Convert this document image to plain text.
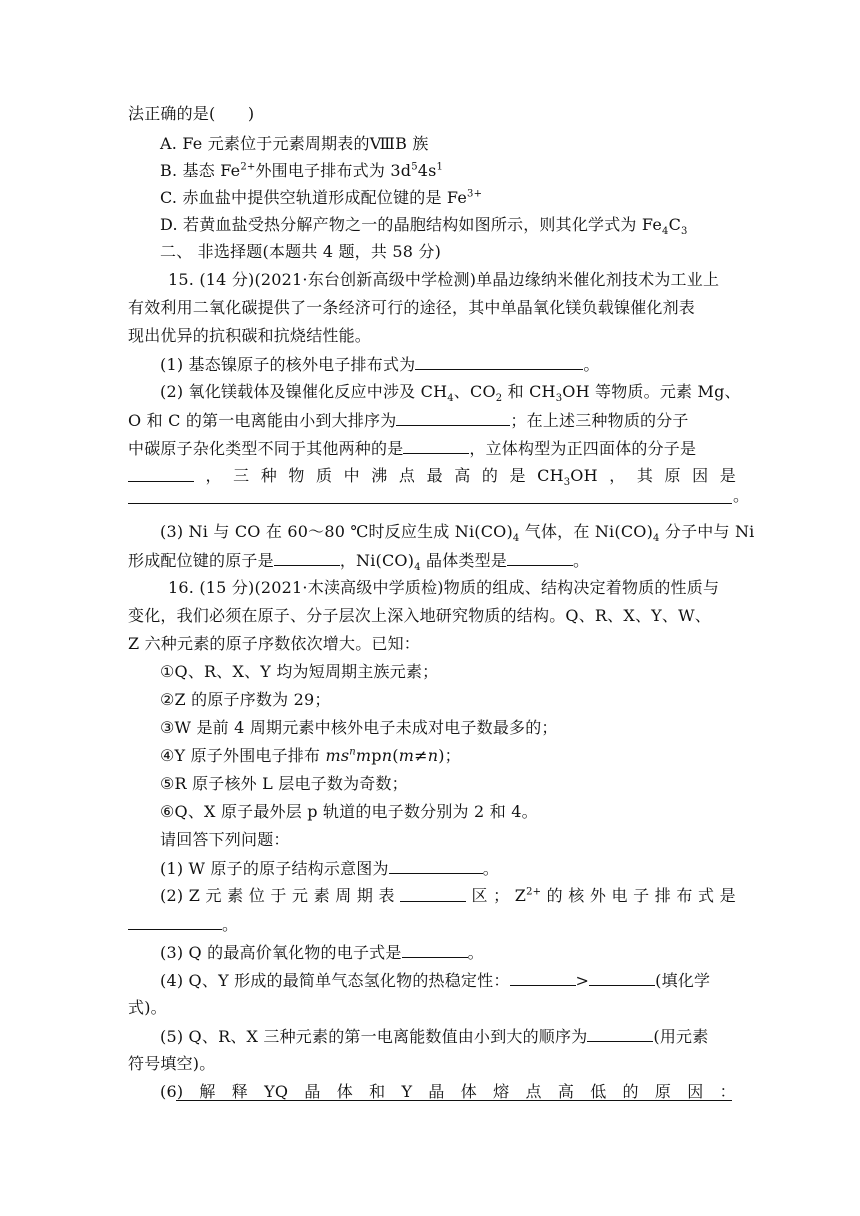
法正确的是(　　)
A. Fe 元素位于元素周期表的ⅧB 族
B. 基态 $Fe^{2+}$外围电子排布式为 $3d^54s^1$
C. 赤血盐中提供空轨道形成配位键的是 $Fe^{3+}$
D. 若黄血盐受热分解产物之一的晶胞结构如图所示，则其化学式为 $Fe_4C_3$
二、 非选择题(本题共 4 题，共 58 分)
15. (14 分)(2021·东台创新高级中学检测)单晶边缘纳米催化剂技术为工业上
有效利用二氧化碳提供了一条经济可行的途径，其中单晶氧化镁负载镍催化剂表
现出优异的抗积碳和抗烧结性能。
(1) 基态镍原子的核外电子排布式为	。
(2) 氧化镁载体及镍催化反应中涉及 $CH_4$、$CO_2$ 和 $CH_3OH$ 等物质。元素 Mg、
O 和 C 的第一电离能由小到大排序为	；在上述三种物质的分子
中碳原子杂化类型不同于其他两种的是	，立体构型为正四面体的分子是
， 三 种 物 质 中 沸 点 最 高 的 是 $CH_3OH$ ， 其 原 因 是
。
(3) Ni 与 CO 在 60～80 ℃时反应生成 $Ni(CO)_4$ 气体，在 $Ni(CO)_4$ 分子中与 Ni
形成配位键的原子是	，$Ni(CO)_4$ 晶体类型是	。
16. (15 分)(2021·木渎高级中学质检)物质的组成、结构决定着物质的性质与
变化，我们必须在原子、分子层次上深入地研究物质的结构。Q、R、X、Y、W、
Z 六种元素的原子序数依次增大。已知：
①Q、R、X、Y 均为短周期主族元素；
②Z 的原子序数为 29；
③W 是前 4 周期元素中核外电子未成对电子数最多的；
④Y 原子外围电子排布 $ms^nmpn(m\ne n)$；
⑤R 原子核外 L 层电子数为奇数；
⑥Q、X 原子最外层 p 轨道的电子数分别为 2 和 4。
请回答下列问题：
(1) W 原子的原子结构示意图为	。
(2) Z 元 素 位 于 元 素 周 期 表	区 ； $Z^{2+}$ 的 核 外 电 子 排 布 式 是
。
(3) Q 的最高价氧化物的电子式是	。
(4) Q、Y 形成的最简单气态氢化物的热稳定性：	>	(填化学
式)。
(5) Q、R、X 三种元素的第一电离能数值由小到大的顺序为	(用元素
符号填空)。
(6) 解 释 YQ 晶 体 和 Y 晶 体 熔 点 高 低 的 原 因 ：
